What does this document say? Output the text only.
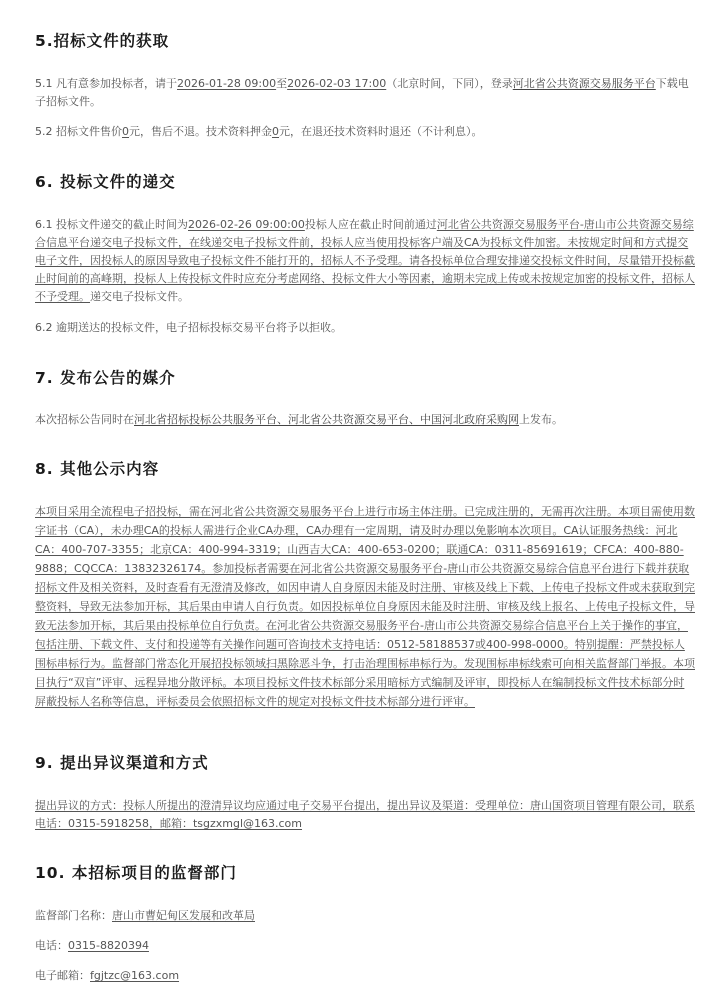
5.招标文件的获取
5.1 凡有意参加投标者，请于2026-01-28 09:00至2026-02-03 17:00（北京时间，下同），登录河北省公共资源交易服务平台下载电子招标文件。
5.2 招标文件售价0元，售后不退。技术资料押金0元，在退还技术资料时退还（不计利息）。
6. 投标文件的递交
6.1 投标文件递交的截止时间为2026-02-26 09:00:00投标人应在截止时间前通过河北省公共资源交易服务平台-唐山市公共资源交易综合信息平台递交电子投标文件，在线递交电子投标文件前，投标人应当使用投标客户端及CA为投标文件加密。未按规定时间和方式提交电子文件，因投标人的原因导致电子投标文件不能打开的，招标人不予受理。请各投标单位合理安排递交投标文件时间，尽量错开投标截止时间前的高峰期，投标人上传投标文件时应充分考虑网络、投标文件大小等因素，逾期未完成上传或未按规定加密的投标文件，招标人不予受理。递交电子投标文件。
6.2 逾期送达的投标文件，电子招标投标交易平台将予以拒收。
7. 发布公告的媒介
本次招标公告同时在河北省招标投标公共服务平台、河北省公共资源交易平台、中国河北政府采购网上发布。
8. 其他公示内容
本项目采用全流程电子招投标，需在河北省公共资源交易服务平台上进行市场主体注册。已完成注册的，无需再次注册。本项目需使用数字证书（CA），未办理CA的投标人需进行企业CA办理，CA办理有一定周期，请及时办理以免影响本次项目。CA认证服务热线：河北CA：400-707-3355；北京CA：400-994-3319；山西吉大CA：400-653-0200；联通CA：0311-85691619；CFCA：400-880-9888；CQCCA：13832326174。参加投标者需要在河北省公共资源交易服务平台-唐山市公共资源交易综合信息平台进行下载并获取招标文件及相关资料，及时查看有无澄清及修改，如因申请人自身原因未能及时注册、审核及线上下载、上传电子投标文件或未获取到完整资料，导致无法参加开标，其后果由申请人自行负责。如因投标单位自身原因未能及时注册、审核及线上报名、上传电子投标文件，导致无法参加开标，其后果由投标单位自行负责。在河北省公共资源交易服务平台-唐山市公共资源交易综合信息平台上关于操作的事宜，包括注册、下载文件、支付和投递等有关操作问题可咨询技术支持电话：0512-58188537或400-998-0000。特别提醒：严禁投标人围标串标行为。监督部门常态化开展招投标领域扫黑除恶斗争，打击治理围标串标行为。发现围标串标线索可向相关监督部门举报。本项目执行“双盲”评审、远程异地分散评标。本项目投标文件技术标部分采用暗标方式编制及评审，即投标人在编制投标文件技术标部分时屏蔽投标人名称等信息，评标委员会依照招标文件的规定对投标文件技术标部分进行评审。
9. 提出异议渠道和方式
提出异议的方式：投标人所提出的澄清异议均应通过电子交易平台提出，提出异议及渠道：受理单位：唐山国资项目管理有限公司，联系电话：0315-5918258，邮箱：tsgzxmgl@163.com
10. 本招标项目的监督部门
监督部门名称：唐山市曹妃甸区发展和改革局
电话：0315-8820394
电子邮箱：fgjtzc@163.com
